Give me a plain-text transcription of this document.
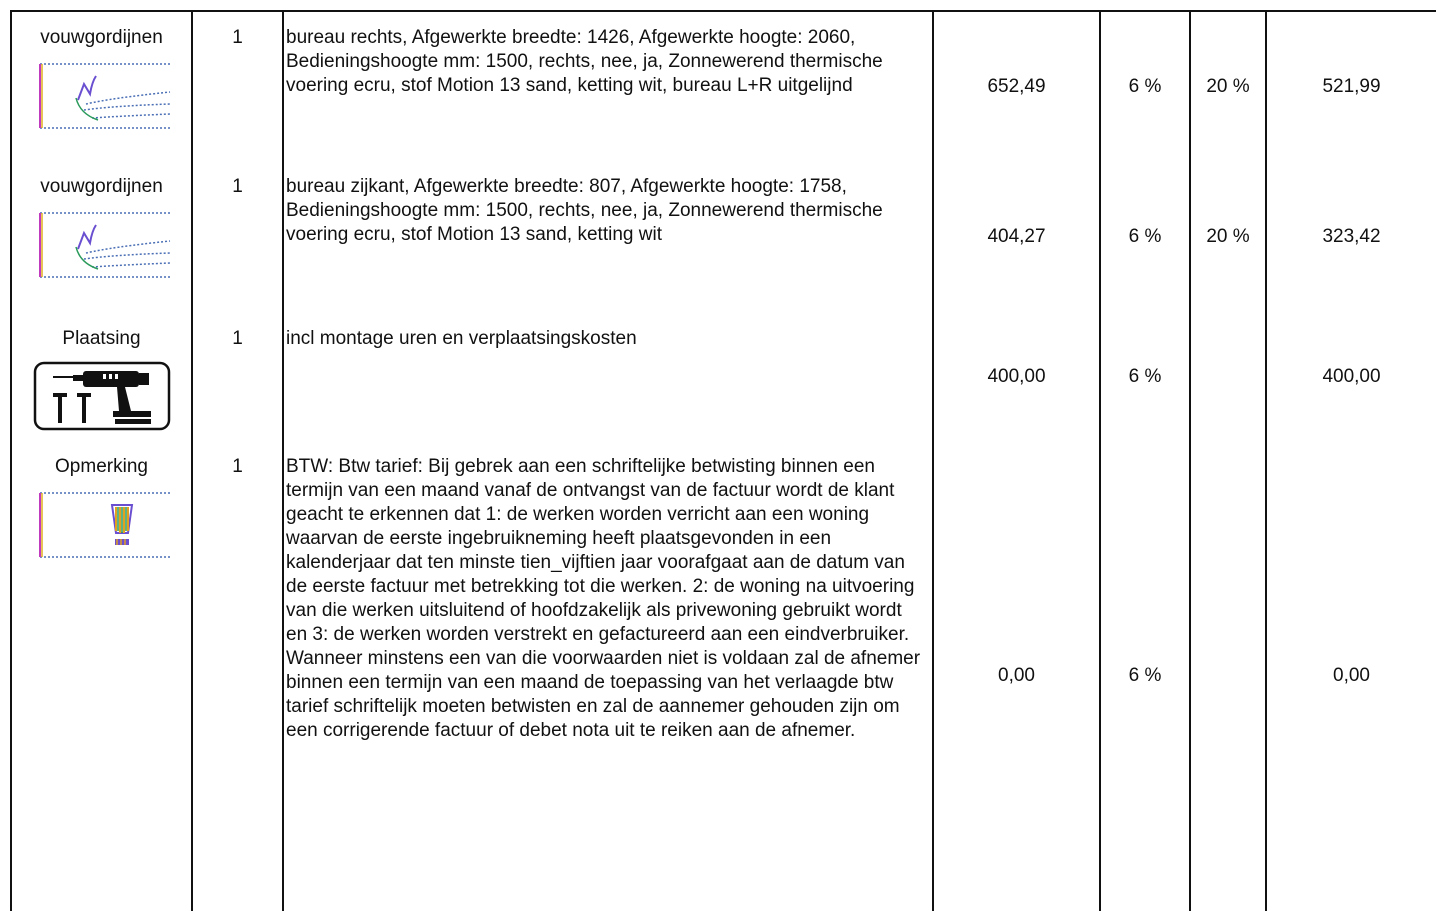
vouwgordijnen	1	bureau rechts, Afgewerkte breedte: 1426, Afgewerkte hoogte: 2060, Bedieningshoogte mm: 1500, rechts, nee, ja, Zonnewerend thermische voering ecru, stof Motion 13 sand, ketting wit, bureau L+R uitgelijnd	652,49	6 %	20 %	521,99

vouwgordijnen	1	bureau zijkant, Afgewerkte breedte: 807, Afgewerkte hoogte: 1758, Bedieningshoogte mm: 1500, rechts, nee, ja, Zonnewerend thermische voering ecru, stof Motion 13 sand, ketting wit	404,27	6 %	20 %	323,42

Plaatsing	1	incl montage uren en verplaatsingskosten	400,00	6 %		400,00

Opmerking	1	BTW: Btw tarief: Bij gebrek aan een schriftelijke betwisting binnen een termijn van een maand vanaf de ontvangst van de factuur wordt de klant geacht te erkennen dat 1: de werken worden verricht aan een woning waarvan de eerste ingebruikneming heeft plaatsgevonden in een kalenderjaar dat ten minste tien_vijftien jaar voorafgaat aan de datum van de eerste factuur met betrekking tot die werken. 2: de woning na uitvoering van die werken uitsluitend of hoofdzakelijk als privewoning gebruikt wordt en 3: de werken worden verstrekt en gefactureerd aan een eindverbruiker. Wanneer minstens een van die voorwaarden niet is voldaan zal de afnemer binnen een termijn van een maand de toepassing van het verlaagde btw tarief schriftelijk moeten betwisten en zal de aannemer gehouden zijn om een corrigerende factuur of debet nota uit te reiken aan de afnemer.	0,00	6 %		0,00
